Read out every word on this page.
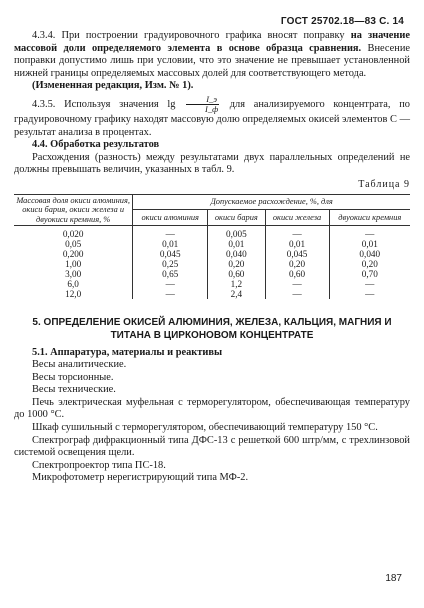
ГОСТ 25702.18—83 С. 14

4.3.4. При построении градуировочного графика вносят поправку на значение массовой доли определяемого элемента в основе образца сравнения. Внесение поправки допустимо лишь при условии, что это значение не превышает установленной нижней границы определяемых массовых долей для соответствующего метода.

(Измененная редакция, Изм. № 1).

4.3.5. Используя значения $\lg \frac{I\_э}{I\_ф}$ для анализируемого концентрата, по градуировочному графику находят массовую долю определяемых окисей элементов C — результат анализа в процентах.

4.4. Обработка результатов

Расхождения (разность) между результатами двух параллельных определений не должны превышать величин, указанных в табл. 9.

Таблица 9
Массовая доля окиси алюминия, окиси бария, окиси железа и двуокиси кремния, %	Допускаемое расхождение, %, для			
	окиси алюминия	окиси бария	окиси железа	двуокиси кремния
0,020	—	0,005	—	—
0,05	0,01	0,01	0,01	0,01
0,200	0,045	0,040	0,045	0,040
1,00	0,25	0,20	0,20	0,20
3,00	0,65	0,60	0,60	0,70
6,0	—	1,2	—	—
12,0	—	2,4	—	—
5. ОПРЕДЕЛЕНИЕ ОКИСЕЙ АЛЮМИНИЯ, ЖЕЛЕЗА, КАЛЬЦИЯ, МАГНИЯ И ТИТАНА В ЦИРКОНОВОМ КОНЦЕНТРАТЕ

5.1. Аппаратура, материалы и реактивы

Весы аналитические.

Весы торсионные.

Весы технические.

Печь электрическая муфельная с терморегулятором, обеспечивающая температуру до 1000 °С.

Шкаф сушильный с терморегулятором, обеспечивающий температуру 150 °С.

Спектрограф дифракционный типа ДФС-13 с решеткой 600 штр/мм, с трехлинзовой системой освещения щели.

Спектропроектор типа ПС-18.

Микрофотометр нерегистрирующий типа МФ-2.

187
